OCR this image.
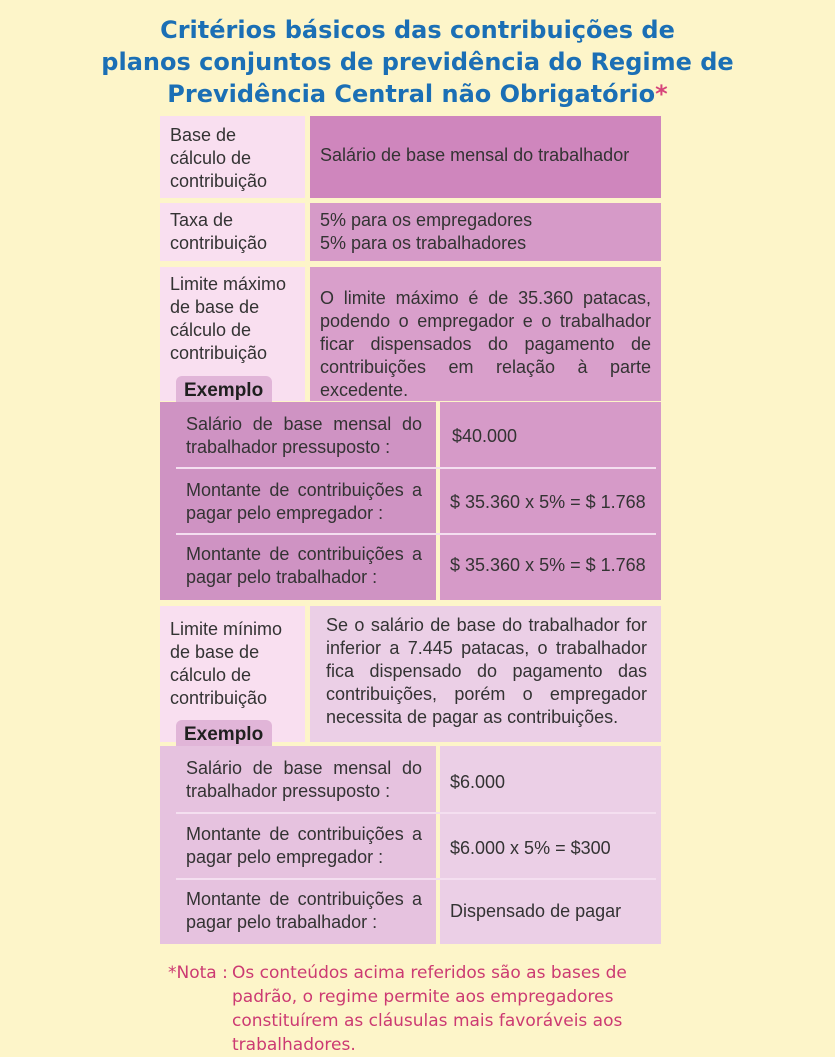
Critérios básicos das contribuições de
planos conjuntos de previdência do Regime de
Previdência Central não Obrigatório*
Base de cálculo de contribuição
Salário de base mensal do trabalhador
Taxa de contribuição
5% para os empregadores
5% para os trabalhadores
Limite máximo de base de cálculo de contribuição
Exemplo
O limite máximo é de 35.360 patacas, podendo o empregador e o trabalhador ficar dispensados do pagamento de contribuições em relação à parte excedente.
Salário de base mensal do trabalhador pressuposto :
$40.000
Montante de contribuições a pagar pelo empregador :
$ 35.360 x 5% = $ 1.768
Montante de contribuições a pagar pelo trabalhador :
$ 35.360 x 5% = $ 1.768
Limite mínimo de base de cálculo de contribuição
Exemplo
Se o salário de base do trabalhador for inferior a 7.445 patacas, o trabalhador fica dispensado do pagamento das contribuições, porém o empregador necessita de pagar as contribuições.
Salário de base mensal do trabalhador pressuposto :	$6.000
Montante de contribuições a pagar pelo empregador :	$6.000 x 5% = $300
Montante de contribuições a pagar pelo trabalhador :
Dispensado de pagar
*Nota : Os conteúdos acima referidos são as bases de padrão, o regime permite aos empregadores constituírem as cláusulas mais favoráveis aos trabalhadores.
